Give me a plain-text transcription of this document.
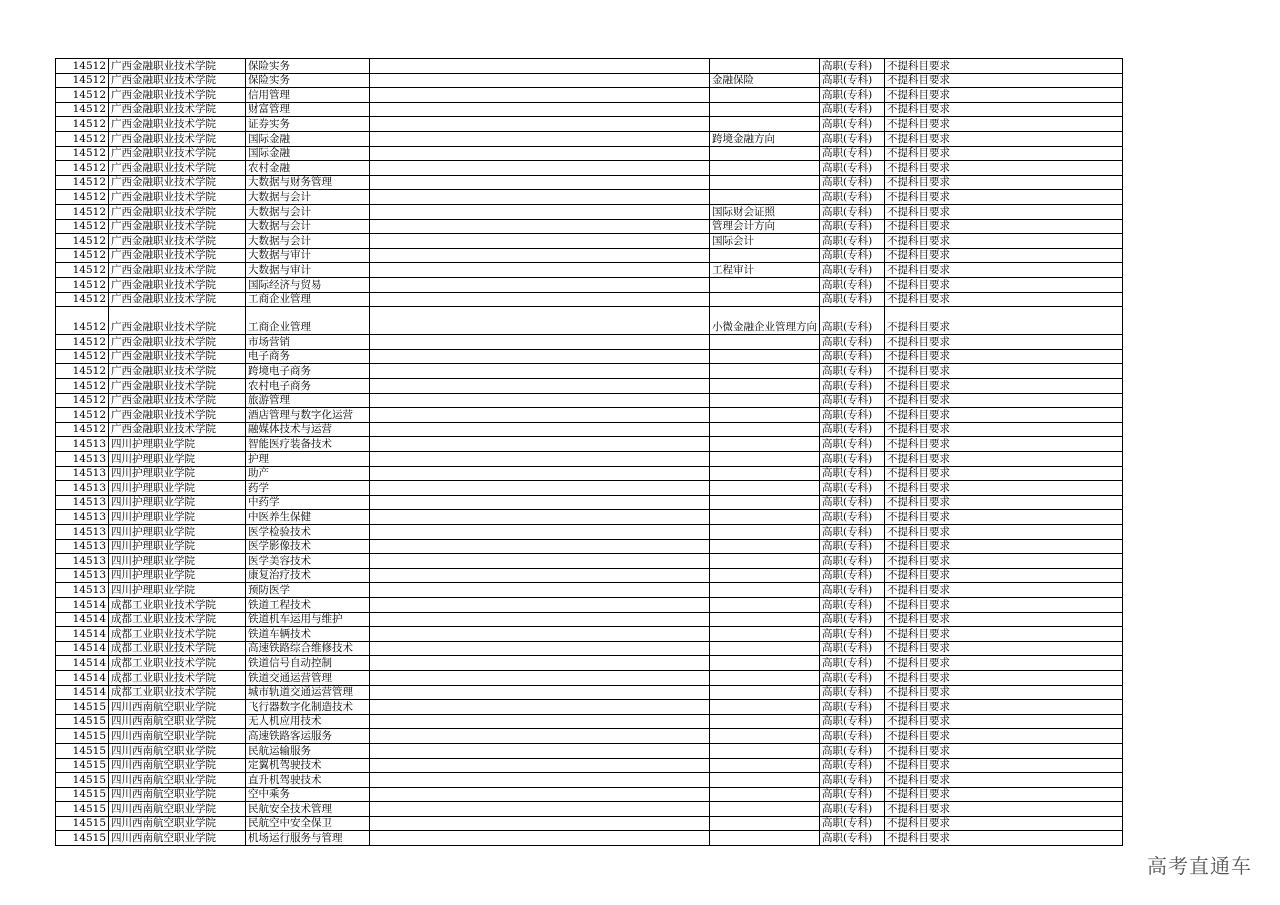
14512	广西金融职业技术学院	保险实务			高职(专科)	不提科目要求
14512	广西金融职业技术学院	保险实务		金融保险	高职(专科)	不提科目要求
14512	广西金融职业技术学院	信用管理			高职(专科)	不提科目要求
14512	广西金融职业技术学院	财富管理			高职(专科)	不提科目要求
14512	广西金融职业技术学院	证券实务			高职(专科)	不提科目要求
14512	广西金融职业技术学院	国际金融		跨境金融方向	高职(专科)	不提科目要求
14512	广西金融职业技术学院	国际金融			高职(专科)	不提科目要求
14512	广西金融职业技术学院	农村金融			高职(专科)	不提科目要求
14512	广西金融职业技术学院	大数据与财务管理			高职(专科)	不提科目要求
14512	广西金融职业技术学院	大数据与会计			高职(专科)	不提科目要求
14512	广西金融职业技术学院	大数据与会计		国际财会证照	高职(专科)	不提科目要求
14512	广西金融职业技术学院	大数据与会计		管理会计方向	高职(专科)	不提科目要求
14512	广西金融职业技术学院	大数据与会计		国际会计	高职(专科)	不提科目要求
14512	广西金融职业技术学院	大数据与审计			高职(专科)	不提科目要求
14512	广西金融职业技术学院	大数据与审计		工程审计	高职(专科)	不提科目要求
14512	广西金融职业技术学院	国际经济与贸易			高职(专科)	不提科目要求
14512	广西金融职业技术学院	工商企业管理			高职(专科)	不提科目要求
14512	广西金融职业技术学院	工商企业管理		小微金融企业管理方向	高职(专科)	不提科目要求
14512	广西金融职业技术学院	市场营销			高职(专科)	不提科目要求
14512	广西金融职业技术学院	电子商务			高职(专科)	不提科目要求
14512	广西金融职业技术学院	跨境电子商务			高职(专科)	不提科目要求
14512	广西金融职业技术学院	农村电子商务			高职(专科)	不提科目要求
14512	广西金融职业技术学院	旅游管理			高职(专科)	不提科目要求
14512	广西金融职业技术学院	酒店管理与数字化运营			高职(专科)	不提科目要求
14512	广西金融职业技术学院	融媒体技术与运营			高职(专科)	不提科目要求
14513	四川护理职业学院	智能医疗装备技术			高职(专科)	不提科目要求
14513	四川护理职业学院	护理			高职(专科)	不提科目要求
14513	四川护理职业学院	助产			高职(专科)	不提科目要求
14513	四川护理职业学院	药学			高职(专科)	不提科目要求
14513	四川护理职业学院	中药学			高职(专科)	不提科目要求
14513	四川护理职业学院	中医养生保健			高职(专科)	不提科目要求
14513	四川护理职业学院	医学检验技术			高职(专科)	不提科目要求
14513	四川护理职业学院	医学影像技术			高职(专科)	不提科目要求
14513	四川护理职业学院	医学美容技术			高职(专科)	不提科目要求
14513	四川护理职业学院	康复治疗技术			高职(专科)	不提科目要求
14513	四川护理职业学院	预防医学			高职(专科)	不提科目要求
14514	成都工业职业技术学院	铁道工程技术			高职(专科)	不提科目要求
14514	成都工业职业技术学院	铁道机车运用与维护			高职(专科)	不提科目要求
14514	成都工业职业技术学院	铁道车辆技术			高职(专科)	不提科目要求
14514	成都工业职业技术学院	高速铁路综合维修技术			高职(专科)	不提科目要求
14514	成都工业职业技术学院	铁道信号自动控制			高职(专科)	不提科目要求
14514	成都工业职业技术学院	铁道交通运营管理			高职(专科)	不提科目要求
14514	成都工业职业技术学院	城市轨道交通运营管理			高职(专科)	不提科目要求
14515	四川西南航空职业学院	飞行器数字化制造技术			高职(专科)	不提科目要求
14515	四川西南航空职业学院	无人机应用技术			高职(专科)	不提科目要求
14515	四川西南航空职业学院	高速铁路客运服务			高职(专科)	不提科目要求
14515	四川西南航空职业学院	民航运输服务			高职(专科)	不提科目要求
14515	四川西南航空职业学院	定翼机驾驶技术			高职(专科)	不提科目要求
14515	四川西南航空职业学院	直升机驾驶技术			高职(专科)	不提科目要求
14515	四川西南航空职业学院	空中乘务			高职(专科)	不提科目要求
14515	四川西南航空职业学院	民航安全技术管理			高职(专科)	不提科目要求
14515	四川西南航空职业学院	民航空中安全保卫			高职(专科)	不提科目要求
14515	四川西南航空职业学院	机场运行服务与管理			高职(专科)	不提科目要求
高考直通车
